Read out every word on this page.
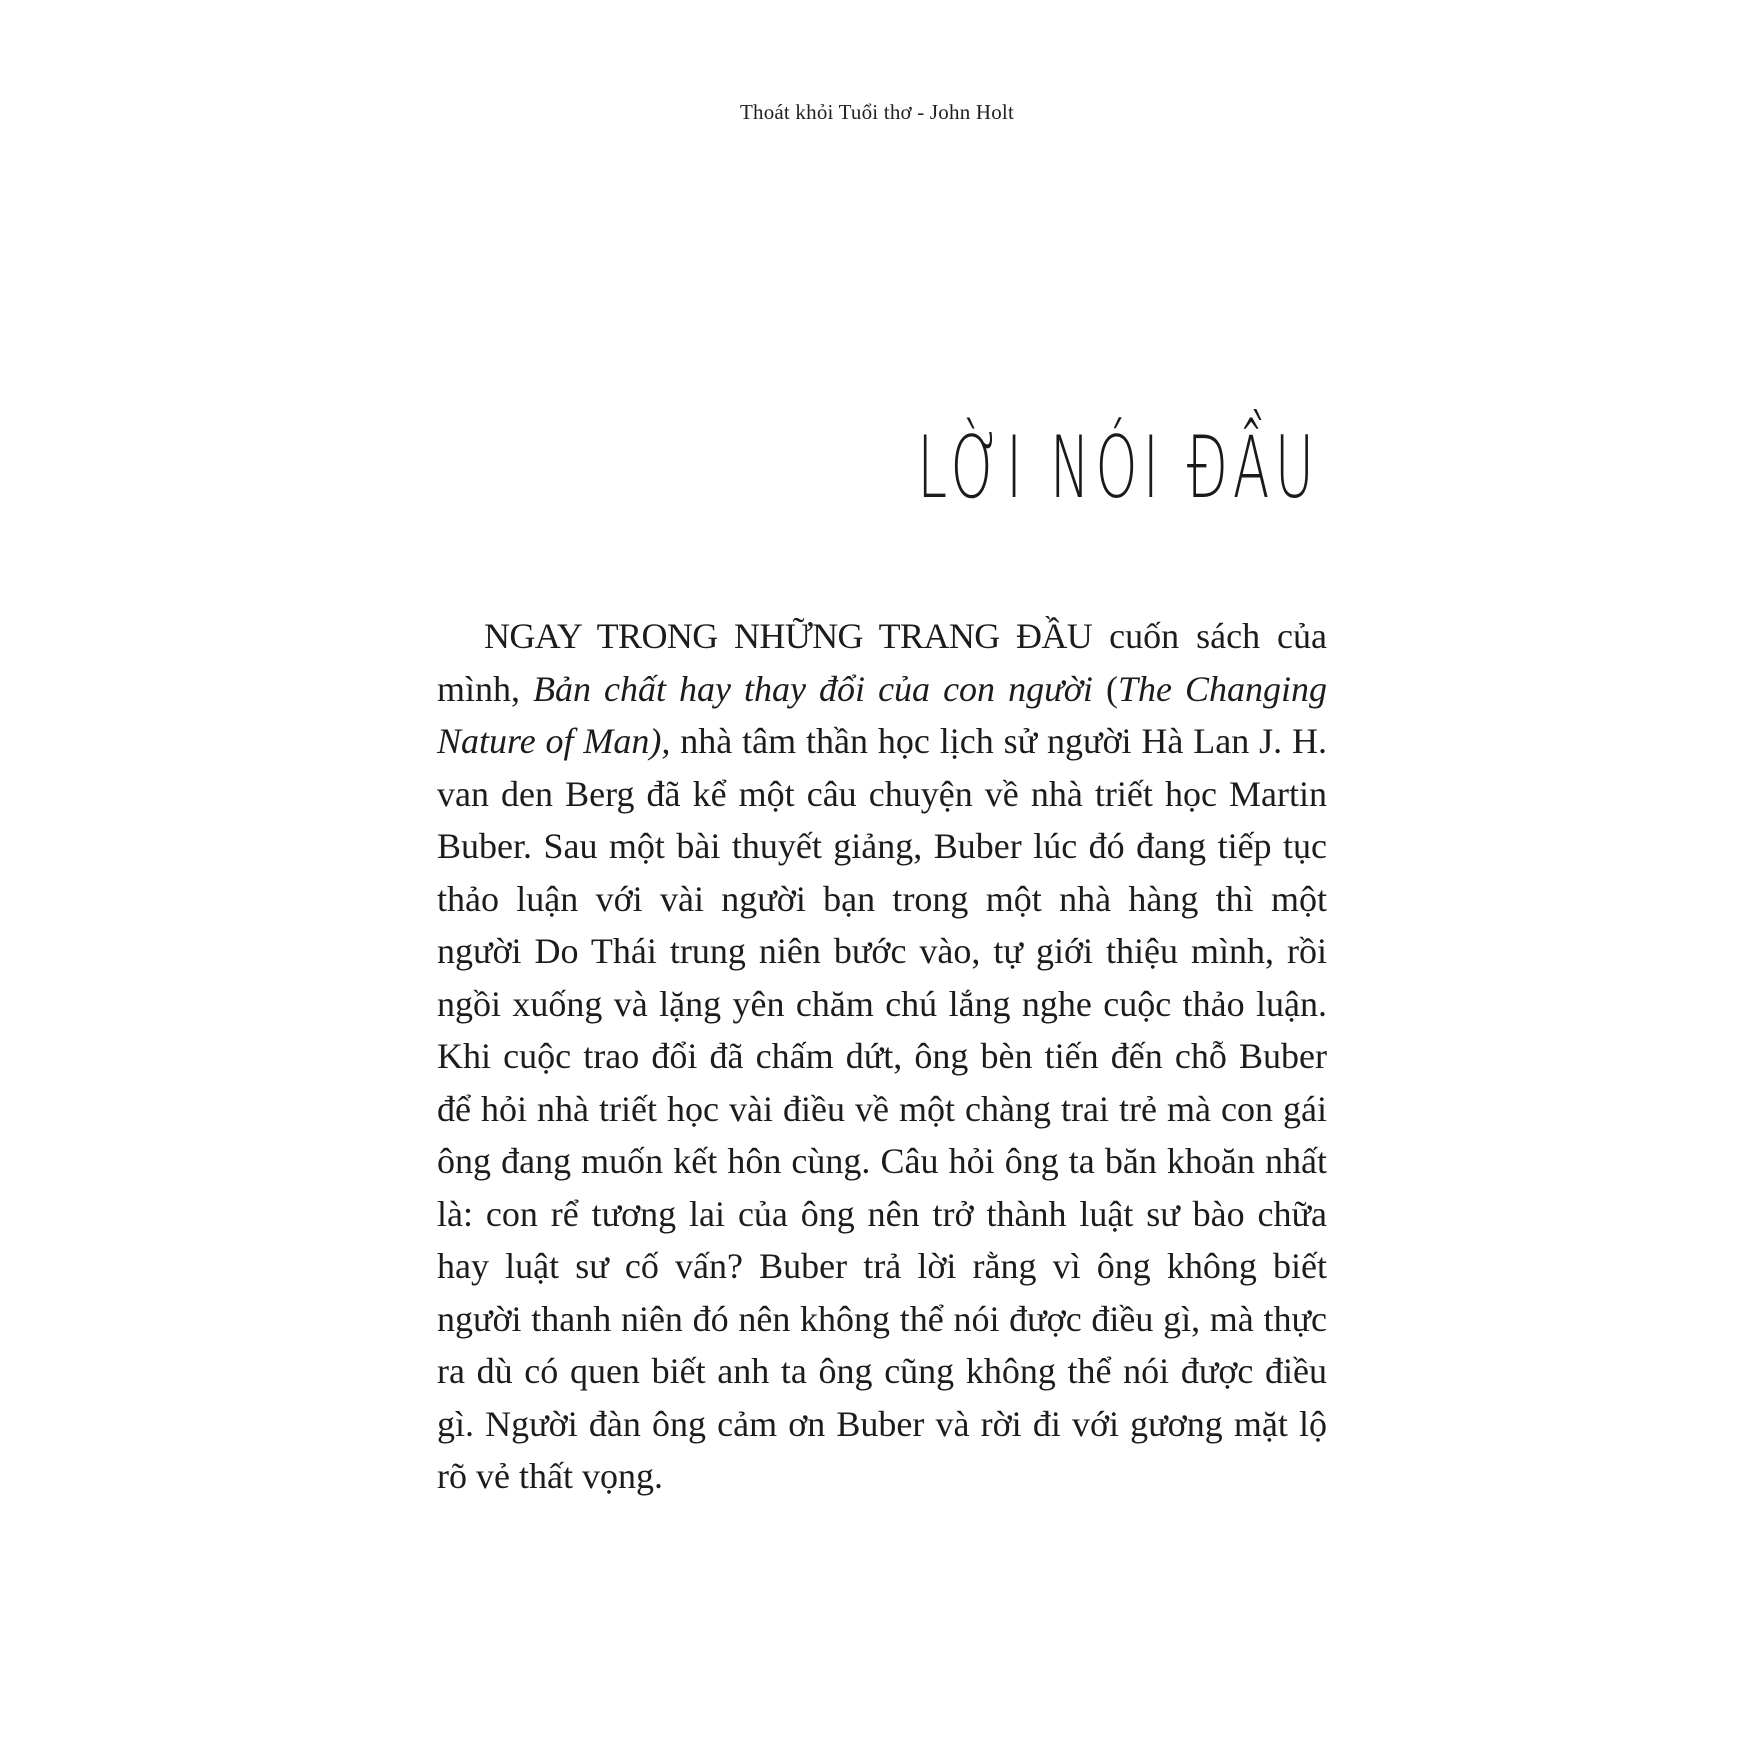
Thoát khỏi Tuổi thơ - John Holt
LỜI NÓI ĐẦU

NGAY TRONG NHỮNG TRANG ĐẦU cuốn sách của mình, Bản chất hay thay đổi của con người (The Changing Nature of Man), nhà tâm thần học lịch sử người Hà Lan J. H. van den Berg đã kể một câu chuyện về nhà triết học Martin Buber. Sau một bài thuyết giảng, Buber lúc đó đang tiếp tục thảo luận với vài người bạn trong một nhà hàng thì một người Do Thái trung niên bước vào, tự giới thiệu mình, rồi ngồi xuống và lặng yên chăm chú lắng nghe cuộc thảo luận. Khi cuộc trao đổi đã chấm dứt, ông bèn tiến đến chỗ Buber để hỏi nhà triết học vài điều về một chàng trai trẻ mà con gái ông đang muốn kết hôn cùng. Câu hỏi ông ta băn khoăn nhất là: con rể tương lai của ông nên trở thành luật sư bào chữa hay luật sư cố vấn? Buber trả lời rằng vì ông không biết người thanh niên đó nên không thể nói được điều gì, mà thực ra dù có quen biết anh ta ông cũng không thể nói được điều gì. Người đàn ông cảm ơn Buber và rời đi với gương mặt lộ rõ vẻ thất vọng.
